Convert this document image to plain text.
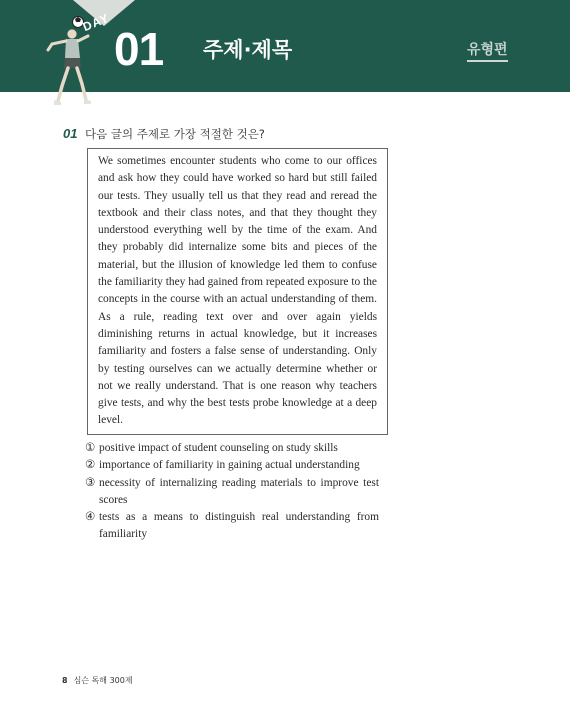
DAY
01 주제·제목	유형편
01 다음 글의 주제로 가장 적절한 것은?
We sometimes encounter students who come to our offices and ask how they could have worked so hard but still failed our tests. They usually tell us that they read and reread the textbook and their class notes, and that they thought they understood everything well by the time of the exam. And they probably did internalize some bits and pieces of the material, but the illusion of knowledge led them to confuse the familiarity they had gained from repeated exposure to the concepts in the course with an actual understanding of them. As a rule, reading text over and over again yields diminishing returns in actual knowledge, but it increases familiarity and fosters a false sense of understanding. Only by testing ourselves can we actually determine whether or not we really understand. That is one reason why teachers give tests, and why the best tests probe knowledge at a deep level.
① positive impact of student counseling on study skills
② importance of familiarity in gaining actual understanding
③ necessity of internalizing reading materials to improve test scores
④ tests as a means to distinguish real understanding from familiarity
8 심슨 독해 300제
